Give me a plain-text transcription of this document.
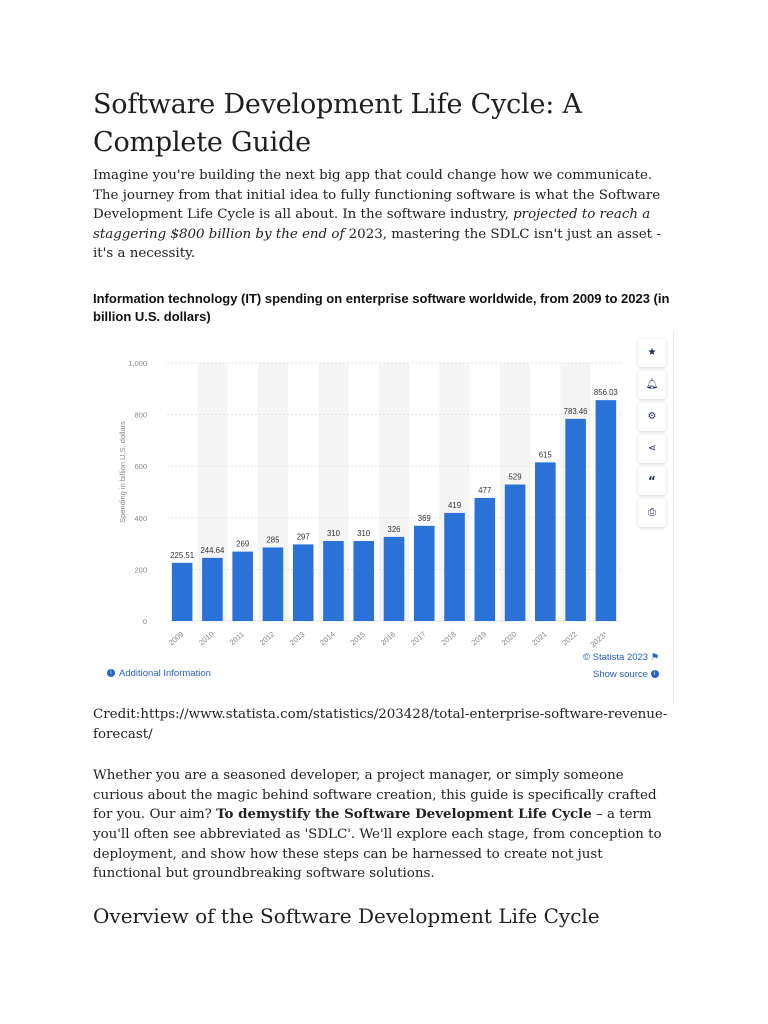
Software Development Life Cycle: A Complete Guide

Imagine you're building the next big app that could change how we communicate. The journey from that initial idea to fully functioning software is what the Software Development Life Cycle is all about. In the software industry, projected to reach a staggering $800 billion by the end of 2023, mastering the SDLC isn't just an asset - it's a necessity.

Information technology (IT) spending on enterprise software worldwide, from 2009 to 2023 (in billion U.S. dollars)
0
200
400
600
800
1,000
225.51
244.64
269 285 297 310 310 326
369
419
477
529
615
783.46
856.03
2009 2010 2011 2012 2013 2014 2015 2016 2017 2018 2019 2020 2021 2022 2023*
Spending in billion U.S. dollars
★
🔔︎
⚙
⋖
“
⎙
i Additional Information
© Statista 2023 ⚑
Show source i

Credit:https://www.statista.com/statistics/203428/total-enterprise-software-revenue-forecast/

Whether you are a seasoned developer, a project manager, or simply someone curious about the magic behind software creation, this guide is specifically crafted for you. Our aim? To demystify the Software Development Life Cycle – a term you'll often see abbreviated as 'SDLC'. We'll explore each stage, from conception to deployment, and show how these steps can be harnessed to create not just functional but groundbreaking software solutions.

Overview of the Software Development Life Cycle
